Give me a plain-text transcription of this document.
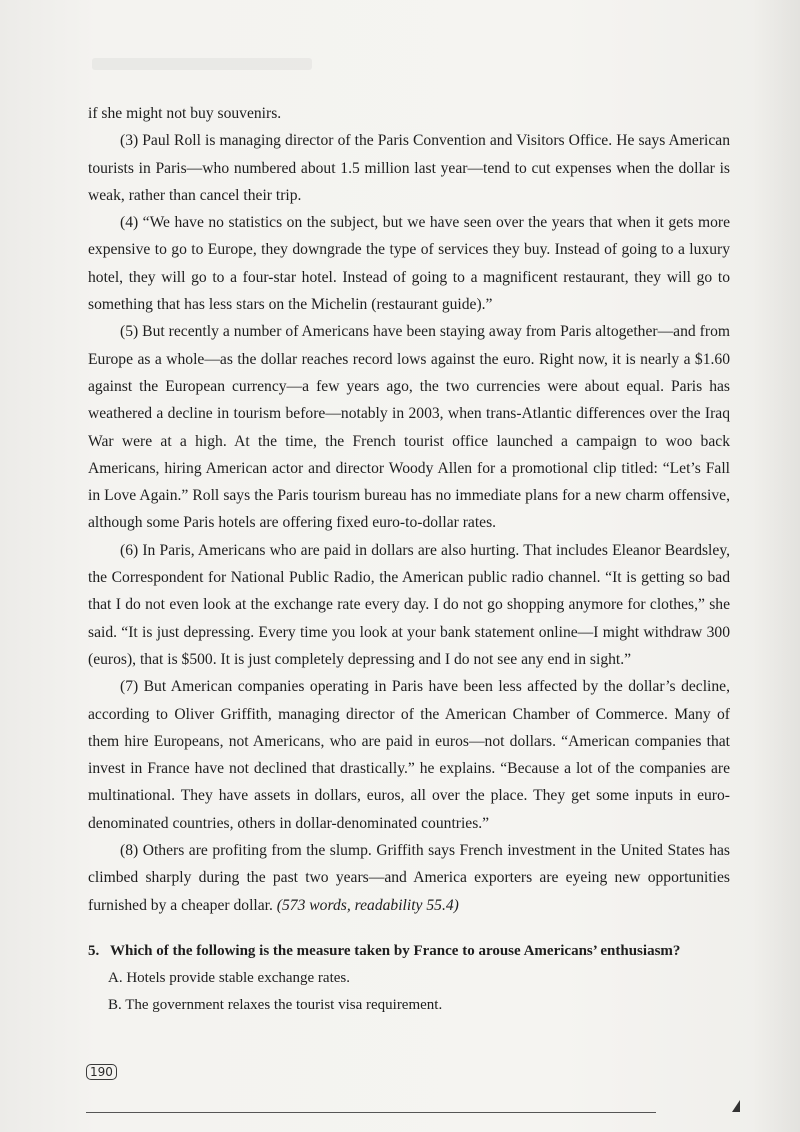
if she might not buy souvenirs.

(3) Paul Roll is managing director of the Paris Convention and Visitors Office. He says American tourists in Paris—who numbered about 1.5 million last year—tend to cut expenses when the dollar is weak, rather than cancel their trip.

(4) “We have no statistics on the subject, but we have seen over the years that when it gets more expensive to go to Europe, they downgrade the type of services they buy. Instead of going to a luxury hotel, they will go to a four-star hotel. Instead of going to a magnificent restaurant, they will go to something that has less stars on the Michelin (restaurant guide).”

(5) But recently a number of Americans have been staying away from Paris altogether—and from Europe as a whole—as the dollar reaches record lows against the euro. Right now, it is nearly a $1.60 against the European currency—a few years ago, the two currencies were about equal. Paris has weathered a decline in tourism before—notably in 2003, when trans-Atlantic differences over the Iraq War were at a high. At the time, the French tourist office launched a campaign to woo back Americans, hiring American actor and director Woody Allen for a promotional clip titled: “Let’s Fall in Love Again.” Roll says the Paris tourism bureau has no immediate plans for a new charm offensive, although some Paris hotels are offering fixed euro-to-dollar rates.

(6) In Paris, Americans who are paid in dollars are also hurting. That includes Eleanor Beardsley, the Correspondent for National Public Radio, the American public radio channel. “It is getting so bad that I do not even look at the exchange rate every day. I do not go shopping anymore for clothes,” she said. “It is just depressing. Every time you look at your bank statement online—I might withdraw 300 (euros), that is $500. It is just completely depressing and I do not see any end in sight.”

(7) But American companies operating in Paris have been less affected by the dollar’s decline, according to Oliver Griffith, managing director of the American Chamber of Commerce. Many of them hire Europeans, not Americans, who are paid in euros—not dollars. “American companies that invest in France have not declined that drastically.” he explains. “Because a lot of the companies are multinational. They have assets in dollars, euros, all over the place. They get some inputs in euro-denominated countries, others in dollar-denominated countries.”

(8) Others are profiting from the slump. Griffith says French investment in the United States has climbed sharply during the past two years—and America exporters are eyeing new opportunities furnished by a cheaper dollar. (573 words, readability 55.4)

5. Which of the following is the measure taken by France to arouse Americans’ enthusiasm?
A. Hotels provide stable exchange rates.
B. The government relaxes the tourist visa requirement.
190
